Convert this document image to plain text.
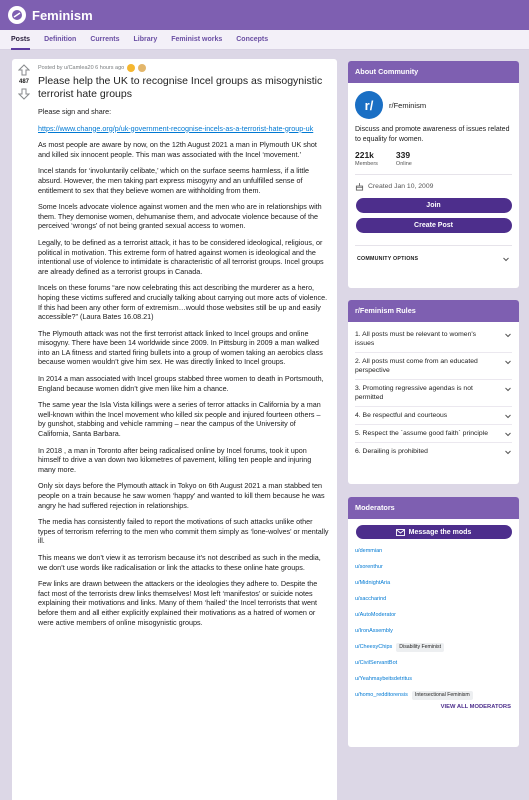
Feminism
Posts Definition Currents Library Feminist works Concepts
487
Posted by u/Camlea20 6 hours ago
Please help the UK to recognise Incel groups as misogynistic terrorist hate groups

Please sign and share:

https://www.change.org/p/uk-government-recognise-incels-as-a-terrorist-hate-group-uk

As most people are aware by now, on the 12th August 2021 a man in Plymouth UK shot and killed six innocent people. This man was associated with the Incel ‘movement.’

Incel stands for ‘involuntarily celibate,’ which on the surface seems harmless, if a little absurd. However, the men taking part express misogyny and an unfulfilled sense of entitlement to sex that they believe women are withholding from them.

Some Incels advocate violence against women and the men who are in relationships with them. They demonise women, dehumanise them, and advocate violence because of the perceived ‘wrongs’ of not being granted sexual access to women.

Legally, to be defined as a terrorist attack, it has to be considered ideological, religious, or political in motivation. This extreme form of hatred against women is ideological and the intentional use of violence to intimidate is characteristic of all terrorist groups. Incel groups are already defined as a terrorist groups in Canada.

Incels on these forums “are now celebrating this act describing the murderer as a hero, hoping these victims suffered and crucially talking about carrying out more acts of violence. If this had been any other form of extremism…would those websites still be up and easily accessible?” (Laura Bates 16.08.21)

The Plymouth attack was not the first terrorist attack linked to Incel groups and online misogyny. There have been 14 worldwide since 2009. In Pittsburg in 2009 a man walked into an LA fitness and started firing bullets into a group of women taking an aerobics class because women wouldn’t give him sex. He was directly linked to Incel groups.

In 2014 a man associated with Incel groups stabbed three women to death in Portsmouth, England because women didn’t give men like him a chance.

The same year the Isla Vista killings were a series of terror attacks in California by a man well-known within the Incel movement who killed six people and injured fourteen others – by gunshot, stabbing and vehicle ramming – near the campus of the University of California, Santa Barbara.

In 2018 , a man in Toronto after being radicalised online by Incel forums, took it upon himself to drive a van down two kilometres of pavement, killing ten people and injuring many more.

Only six days before the Plymouth attack in Tokyo on 6th August 2021 a man stabbed ten people on a train because he saw women ‘happy’ and wanted to kill them because he was angry he had suffered rejection in relationships.

The media has consistently failed to report the motivations of such attacks unlike other types of terrorism referring to the men who commit them simply as ‘lone-wolves’ or mentally ill.

This means we don’t view it as terrorism because it’s not described as such in the media, we don’t use words like radicalisation or link the attacks to these online hate groups.

Few links are drawn between the attackers or the ideologies they adhere to. Despite the fact most of the terrorists drew links themselves! Most left ‘manifestos’ or suicide notes explaining their motivations and links. Many of them ‘hailed’ the Incel terrorists that went before them and all either explicitly explained their motivations as a hatred of women or were active members of online misogynistic groups.

About Community
r/	r/Feminism

Discuss and promote awareness of issues related to equality for women.

221k
Members
339
Online
Created Jan 10, 2009
Join
Create Post
COMMUNITY OPTIONS
r/Feminism Rules
1. All posts must be relevant to women's issues
2. All posts must come from an educated perspective
3. Promoting regressive agendas is not permitted
4. Be respectful and courteous
5. Respect the `assume good faith` principle
6. Derailing is prohibited
Moderators
Message the mods
u/demmian
u/sorenthur
u/MidnightAria
u/saccharind
u/AutoModerator
u/IronAssembly
u/CheesyChips	Disability Feminist
u/CivilServantBot
u/Yeahmaybeitsdetritus
u/homo_redditorensis	Intersectional Feminism
VIEW ALL MODERATORS
